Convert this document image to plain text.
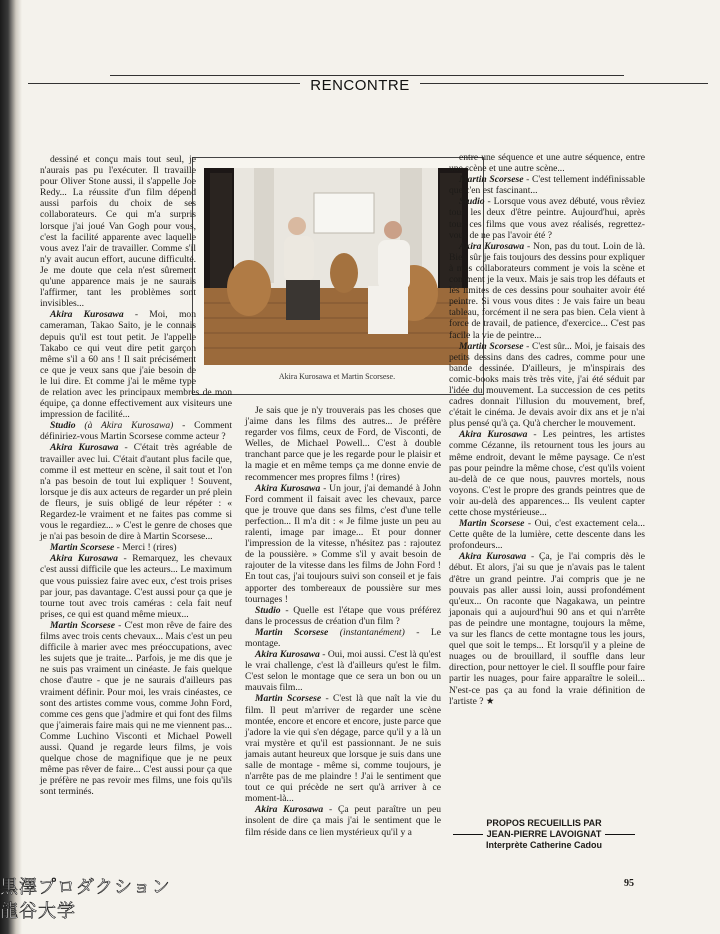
RENCONTRE
Akira Kurosawa et Martin Scorsese.

dessiné et conçu mais tout seul, je n'aurais pas pu l'exécuter. Il travaille pour Oliver Stone aussi, il s'appelle Joe Redy... La réussite d'un film dépend aussi parfois du choix de ses collaborateurs. Ce qui m'a surpris lorsque j'ai joué Van Gogh pour vous, c'est la facilité apparente avec laquelle vous avez l'air de travailler. Comme s'il n'y avait aucun effort, aucune difficulté. Je me doute que cela n'est sûrement qu'une apparence mais je ne saurais l'affirmer, tant les problèmes sont invisibles...

Akira Kurosawa - Moi, mon cameraman, Takao Saito, je le connais depuis qu'il est tout petit. Je l'appelle Takabo ce qui veut dire petit garçon même s'il a 60 ans ! Il sait précisément ce que je veux sans que j'aie besoin de le lui dire. Et comme j'ai le même type de relation avec les principaux membres de mon équipe, ça donne effectivement aux visiteurs une impression de facilité...

Studio (à Akira Kurosawa) - Comment définiriez-vous Martin Scorsese comme acteur ?

Akira Kurosawa - C'était très agréable de travailler avec lui. C'était d'autant plus facile que, comme il est metteur en scène, il sait tout et l'on n'a pas besoin de tout lui expliquer ! Souvent, lorsque je dis aux acteurs de regarder un pré plein de fleurs, je suis obligé de leur répéter : « Regardez-le vraiment et ne faites pas comme si vous le regardiez... » C'est le genre de choses que je n'ai pas besoin de dire à Martin Scorsese...

Martin Scorsese - Merci ! (rires)

Akira Kurosawa - Remarquez, les chevaux c'est aussi difficile que les acteurs... Le maximum que vous puissiez faire avec eux, c'est trois prises par jour, pas davantage. C'est aussi pour ça que je tourne tout avec trois caméras : cela fait neuf prises, ce qui est quand même mieux...

Martin Scorsese - C'est mon rêve de faire des films avec trois cents chevaux... Mais c'est un peu difficile à marier avec mes préoccupations, avec les sujets que je traite... Parfois, je me dis que je ne suis pas vraiment un cinéaste. Je fais quelque chose d'autre - que je ne saurais d'ailleurs pas vraiment définir. Pour moi, les vrais cinéastes, ce sont des artistes comme vous, comme John Ford, comme ces gens que j'admire et qui font des films que j'aimerais faire mais qui ne me viennent pas... Comme Luchino Visconti et Michael Powell aussi. Quand je regarde leurs films, je vois quelque chose de magnifique que je ne peux même pas rêver de faire... C'est aussi pour ça que je préfère ne pas revoir mes films, une fois qu'ils sont terminés.

Je sais que je n'y trouverais pas les choses que j'aime dans les films des autres... Je préfère regarder vos films, ceux de Ford, de Visconti, de Welles, de Michael Powell... C'est à double tranchant parce que je les regarde pour le plaisir et la magie et en même temps ça me donne envie de recommencer mes propres films ! (rires)

Akira Kurosawa - Un jour, j'ai demandé à John Ford comment il faisait avec les chevaux, parce que je trouve que dans ses films, c'est d'une telle perfection... Il m'a dit : « Je filme juste un peu au ralenti, image par image... Et pour donner l'impression de la vitesse, n'hésitez pas : rajoutez de la poussière. » Comme s'il y avait besoin de rajouter de la vitesse dans les films de John Ford ! En tout cas, j'ai toujours suivi son conseil et je fais apporter des tombereaux de poussière sur mes tournages !

Studio - Quelle est l'étape que vous préférez dans le processus de création d'un film ?

Martin Scorsese (instantanément) - Le montage.

Akira Kurosawa - Oui, moi aussi. C'est là qu'est le vrai challenge, c'est là d'ailleurs qu'est le film. C'est selon le montage que ce sera un bon ou un mauvais film...

Martin Scorsese - C'est là que naît la vie du film. Il peut m'arriver de regarder une scène montée, encore et encore et encore, juste parce que j'adore la vie qui s'en dégage, parce qu'il y a là un vrai mystère et qu'il est passionnant. Je ne suis jamais autant heureux que lorsque je suis dans une salle de montage - même si, comme toujours, je n'arrête pas de me plaindre ! J'ai le sentiment que tout ce qui précède ne sert qu'à arriver à ce moment-là...

Akira Kurosawa - Ça peut paraître un peu insolent de dire ça mais j'ai le sentiment que le film réside dans ce lien mystérieux qu'il y a

entre une séquence et une autre séquence, entre une scène et une autre scène...

Martin Scorsese - C'est tellement indéfinissable que c'en est fascinant...

Studio - Lorsque vous avez débuté, vous rêviez tous les deux d'être peintre. Aujourd'hui, après tous ces films que vous avez réalisés, regrettez-vous de ne pas l'avoir été ?

Akira Kurosawa - Non, pas du tout. Loin de là. Bien sûr je fais toujours des dessins pour expliquer à mes collaborateurs comment je vois la scène et comment je la veux. Mais je sais trop les défauts et les limites de ces dessins pour souhaiter avoir été peintre. Si vous vous dites : Je vais faire un beau tableau, forcément il ne sera pas bien. Cela vient à force de travail, de patience, d'exercice... C'est pas facile la vie de peintre...

Martin Scorsese - C'est sûr... Moi, je faisais des petits dessins dans des cadres, comme pour une bande dessinée. D'ailleurs, je m'inspirais des comic-books mais très très vite, j'ai été séduit par l'idée du mouvement. La succession de ces petits cadres donnait l'illusion du mouvement, bref, c'était le cinéma. Je devais avoir dix ans et je n'ai plus pensé qu'à ça. Qu'à chercher le mouvement.

Akira Kurosawa - Les peintres, les artistes comme Cézanne, ils retournent tous les jours au même endroit, devant le même paysage. Ce n'est pas pour peindre la même chose, c'est qu'ils voient au-delà de ce que nous, pauvres mortels, nous voyons. C'est le propre des grands peintres que de voir au-delà des apparences... Ils veulent capter cette chose mystérieuse...

Martin Scorsese - Oui, c'est exactement cela... Cette quête de la lumière, cette descente dans les profondeurs...

Akira Kurosawa - Ça, je l'ai compris dès le début. Et alors, j'ai su que je n'avais pas le talent d'être un grand peintre. J'ai compris que je ne pouvais pas aller aussi loin, aussi profondément qu'eux... On raconte que Nagakawa, un peintre japonais qui a aujourd'hui 90 ans et qui n'arrête pas de peindre une montagne, toujours la même, va sur les flancs de cette montagne tous les jours, quel que soit le temps... Et lorsqu'il y a pleine de nuages ou de brouillard, il souffle dans leur direction, pour nettoyer le ciel. Il souffle pour faire partir les nuages, pour faire apparaître le soleil... N'est-ce pas ça au fond la vraie définition de l'artiste ? ★

PROPOS RECUEILLIS PAR
JEAN-PIERRE LAVOIGNAT
Interprète Catherine Cadou
95
黒澤プロダクション
龍谷大学
